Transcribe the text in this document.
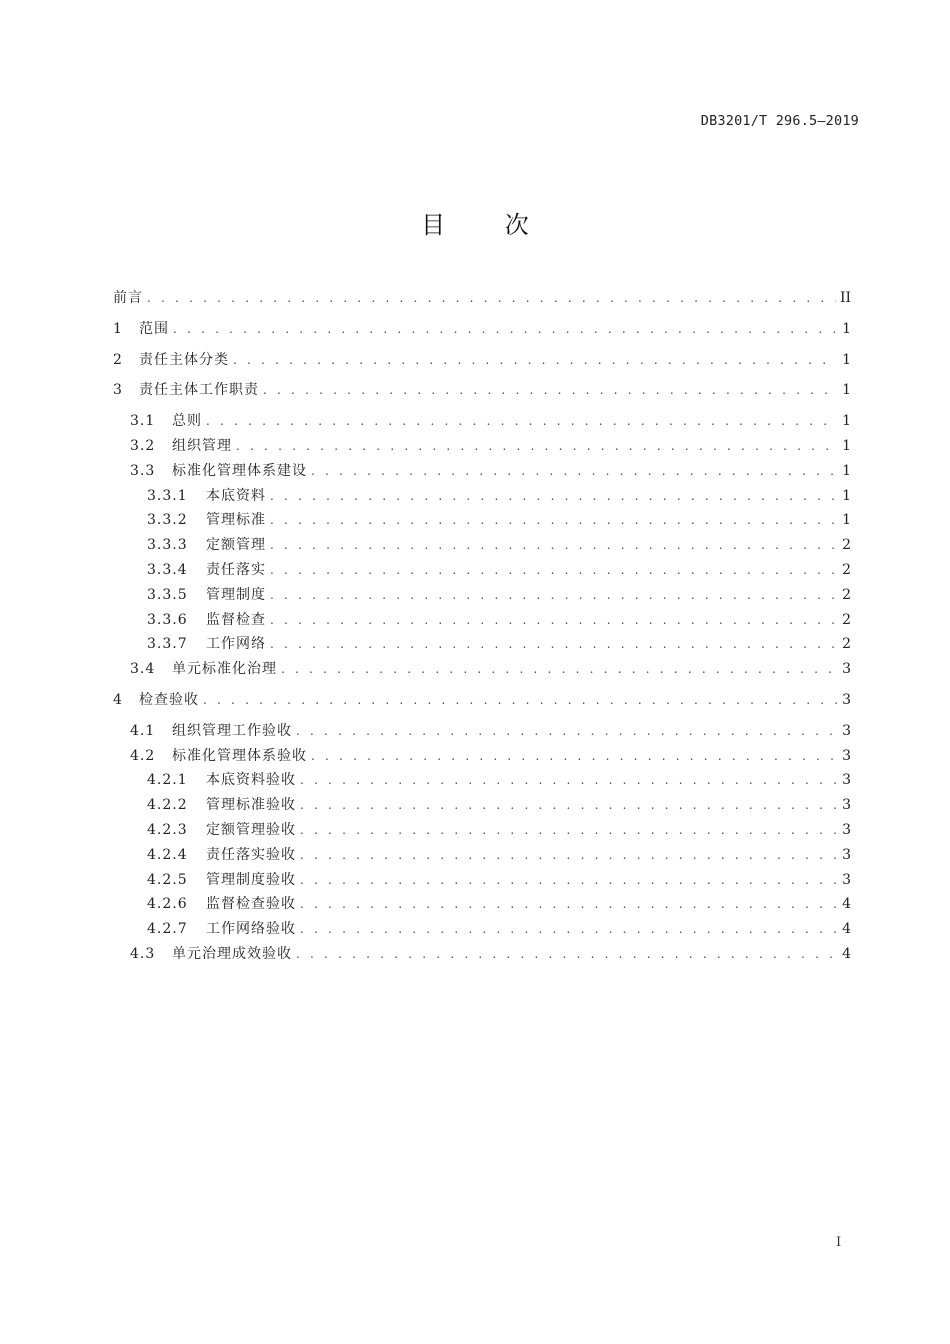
DB3201/T 296.5—2019
目 次
前言 . . .	II
1	范围 . . .	1
2	责任主体分类 . . .	1
3	责任主体工作职责 . . .	1
3.1	总则 . . .	1
3.2	组织管理 . . .	1
3.3	标准化管理体系建设 . . .	1
3.3.1	本底资料 . . .	1
3.3.2	管理标准 . . .	1
3.3.3	定额管理 . . .	2
3.3.4	责任落实 . . .	2
3.3.5	管理制度 . . .	2
3.3.6	监督检查 . . .	2
3.3.7	工作网络 . . .	2
3.4	单元标准化治理 . . .	3
4	检查验收 . . .	3
4.1	组织管理工作验收 . . .	3
4.2	标准化管理体系验收 . . .	3
4.2.1	本底资料验收 . . .	3
4.2.2	管理标准验收 . . .	3
4.2.3	定额管理验收 . . .	3
4.2.4	责任落实验收 . . .	3
4.2.5	管理制度验收 . . .	3
4.2.6	监督检查验收 . . .	4
4.2.7	工作网络验收 . . .	4
4.3	单元治理成效验收 . . .	4
I
